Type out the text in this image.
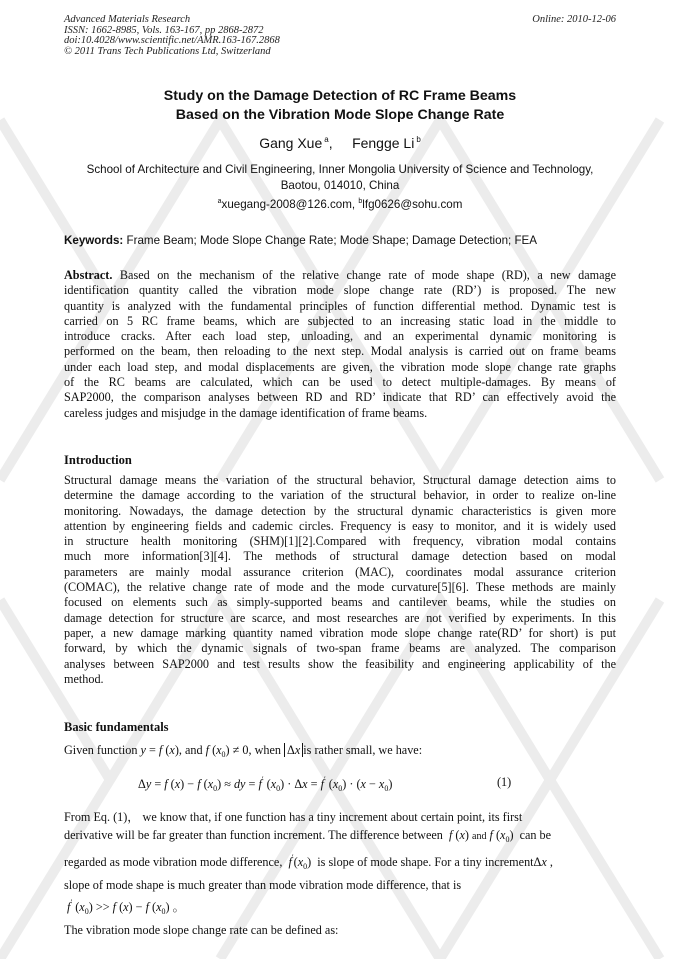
Advanced Materials Research
ISSN: 1662-8985, Vols. 163-167, pp 2868-2872
doi:10.4028/www.scientific.net/AMR.163-167.2868
© 2011 Trans Tech Publications Ltd, Switzerland
Online: 2010-12-06
Study on the Damage Detection of RC Frame Beams
Based on the Vibration Mode Slope Change Rate
Gang Xue $^a$,     Fengge Li $^b$
School of Architecture and Civil Engineering, Inner Mongolia University of Science and Technology,
Baotou, 014010, China
$^a$xuegang-2008@126.com, $^b$lfg0626@sohu.com
Keywords: Frame Beam; Mode Slope Change Rate; Mode Shape; Damage Detection; FEA
Abstract. Based on the mechanism of the relative change rate of mode shape (RD), a new damage
identification quantity called the vibration mode slope change rate (RD’) is proposed. The new
quantity is analyzed with the fundamental principles of function differential method. Dynamic test is
carried on 5 RC frame beams, which are subjected to an increasing static load in the middle to
introduce cracks. After each load step, unloading, and an experimental dynamic monitoring is
performed on the beam, then reloading to the next step. Modal analysis is carried out on frame beams
under each load step, and modal displacements are given, the vibration mode slope change rate graphs
of the RC beams are calculated, which can be used to detect multiple-damages. By means of
SAP2000, the comparison analyses between RD and RD’ indicate that RD’ can effectively avoid the
careless judges and misjudge in the damage identification of frame beams.
Introduction
Structural damage means the variation of the structural behavior, Structural damage detection aims to
determine the damage according to the variation of the structural behavior, in order to realize on-line
monitoring. Nowadays, the damage detection by the structural dynamic characteristics is given more
attention by engineering fields and cademic circles. Frequency is easy to monitor, and it is widely used
in structure health monitoring (SHM)[1][2].Compared with frequency, vibration modal contains
much more information[3][4]. The methods of structural damage detection based on modal
parameters are mainly modal assurance criterion (MAC), coordinates modal assurance criterion
(COMAC), the relative change rate of mode and the mode curvature[5][6]. These methods are mainly
focused on elements such as simply-supported beams and cantilever beams, while the studies on
damage detection for structure are scarce, and most researches are not verified by experiments. In this
paper, a new damage marking quantity named vibration mode slope change rate(RD’ for short) is put
forward, by which the dynamic signals of two-span frame beams are analyzed. The comparison
analyses between SAP2000 and test results show the feasibility and engineering applicability of the
method.
Basic fundamentals
Given function y = f (x), and f $(x_0) \ne 0$, when Δx is rather small, we have:
Δy = f (x) − f $(x_0)$ ≈ dy = f′ $(x_0) \cdot \Delta x = f'$ $(x_0) \cdot (x - x_0)$	(1)
From Eq. (1)， we know that, if one function has a tiny increment about certain point, its first
derivative will be far greater than function increment. The difference between f (x) and f $(x_0)$ can be
regarded as mode vibration mode difference, $f'(x_0)$ is slope of mode shape. For a tiny incrementΔx ,
slope of mode shape is much greater than mode vibration mode difference, that is
f′ $(x_0) >> f$ (x) − f $(x_0)$ 。
The vibration mode slope change rate can be defined as:
